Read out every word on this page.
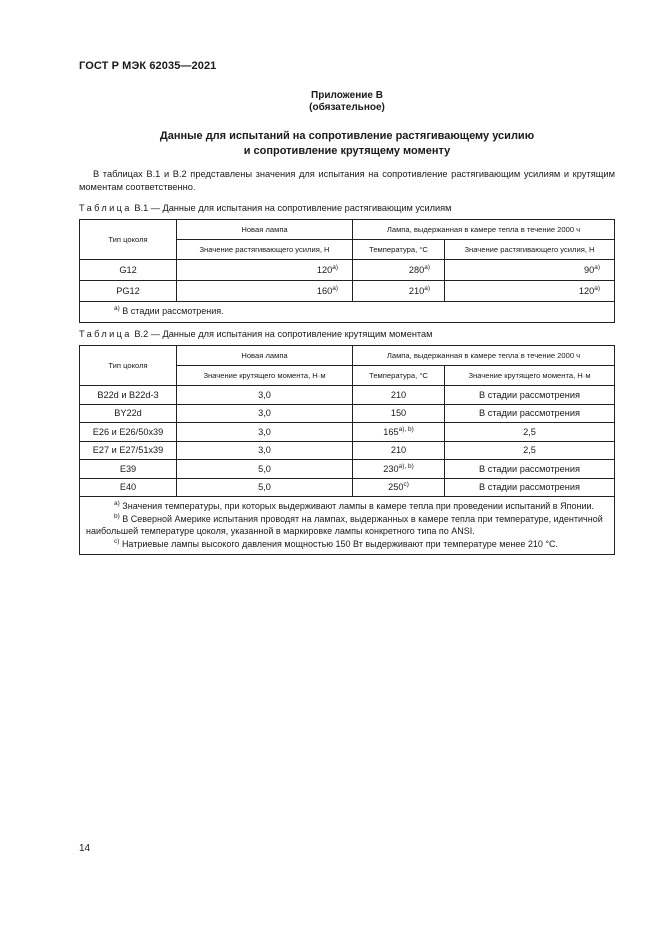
ГОСТ Р МЭК 62035—2021
Приложение В
(обязательное)
Данные для испытаний на сопротивление растягивающему усилию
и сопротивление крутящему моменту
В таблицах В.1 и В.2 представлены значения для испытания на сопротивление растягивающим усилиям и крутящим моментам соответственно.
Таблица В.1 — Данные для испытания на сопротивление растягивающим усилиям
Тип цоколя	Новая лампа	Лампа, выдержанная в камере тепла в течение 2000 ч	
	Значение растягивающего усилия, Н	Температура, °С	Значение растягивающего усилия, Н
G12	$120^{а)}$	$280^{а)}$	$90^{а)}$
PG12	$160^{а)}$	$210^{а)}$	$120^{а)}$

$^{а)}$ В стадии рассмотрения.			

Таблица В.2 — Данные для испытания на сопротивление крутящим моментам
Тип цоколя	Новая лампа	Лампа, выдержанная в камере тепла в течение 2000 ч	
	Значение крутящего момента, Н·м	Температура, °С	Значение крутящего момента, Н·м
B22d и B22d-3	3,0	210	В стадии рассмотрения
BY22d	3,0	150	В стадии рассмотрения
E26 и E26/50x39	3,0	$165^{а), b)}$	2,5
E27 и E27/51x39	3,0	210	2,5
E39	5,0	$230^{а), b)}$	В стадии рассмотрения
E40	5,0	$250^{с)}$	В стадии рассмотрения

$^{а)}$ Значения температуры, при которых выдерживают лампы в камере тепла при проведении испытаний в Японии.

$^{b)}$ В Северной Америке испытания проводят на лампах, выдержанных в камере тепла при температуре, идентичной наибольшей температуре цоколя, указанной в маркировке лампы конкретного типа по ANSI.

$^{с)}$ Натриевые лампы высокого давления мощностью 150 Вт выдерживают при температуре менее 210 °С.			

14
